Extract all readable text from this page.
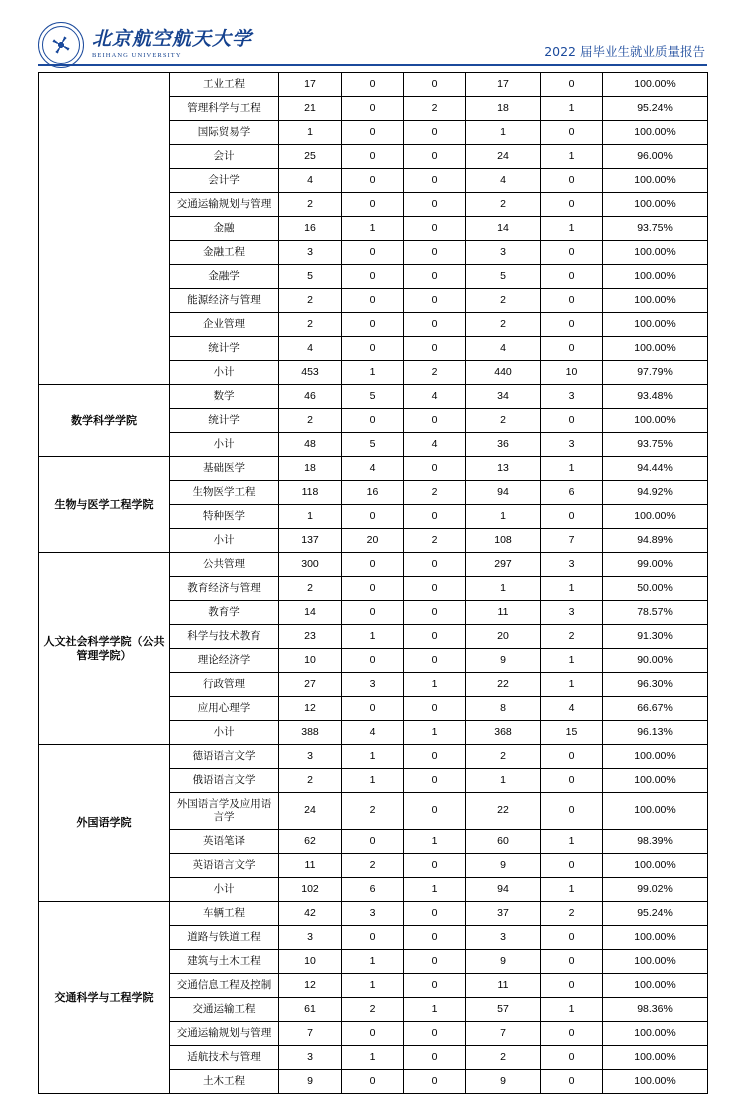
北京航空航天大学
BEIHANG UNIVERSITY	2022 届毕业生就业质量报告
	工业工程	17	0	0	17	0	100.00%
	管理科学与工程	21	0	2	18	1	95.24%
	国际贸易学	1	0	0	1	0	100.00%
	会计	25	0	0	24	1	96.00%
	会计学	4	0	0	4	0	100.00%
	交通运输规划与管理	2	0	0	2	0	100.00%
	金融	16	1	0	14	1	93.75%
	金融工程	3	0	0	3	0	100.00%
	金融学	5	0	0	5	0	100.00%
	能源经济与管理	2	0	0	2	0	100.00%
	企业管理	2	0	0	2	0	100.00%
	统计学	4	0	0	4	0	100.00%
	小计	453	1	2	440	10	97.79%
数学科学学院	数学	46	5	4	34	3	93.48%
	统计学	2	0	0	2	0	100.00%
	小计	48	5	4	36	3	93.75%
生物与医学工程学院	基础医学	18	4	0	13	1	94.44%
	生物医学工程	118	16	2	94	6	94.92%
	特种医学	1	0	0	1	0	100.00%
	小计	137	20	2	108	7	94.89%
人文社会科学学院（公共管理学院）	公共管理	300	0	0	297	3	99.00%
	教育经济与管理	2	0	0	1	1	50.00%
	教育学	14	0	0	11	3	78.57%
	科学与技术教育	23	1	0	20	2	91.30%
	理论经济学	10	0	0	9	1	90.00%
	行政管理	27	3	1	22	1	96.30%
	应用心理学	12	0	0	8	4	66.67%
	小计	388	4	1	368	15	96.13%
外国语学院	德语语言文学	3	1	0	2	0	100.00%
	俄语语言文学	2	1	0	1	0	100.00%
	外国语言学及应用语言学	24	2	0	22	0	100.00%
	英语笔译	62	0	1	60	1	98.39%
	英语语言文学	11	2	0	9	0	100.00%
	小计	102	6	1	94	1	99.02%
交通科学与工程学院	车辆工程	42	3	0	37	2	95.24%
	道路与铁道工程	3	0	0	3	0	100.00%
	建筑与土木工程	10	1	0	9	0	100.00%
	交通信息工程及控制	12	1	0	11	0	100.00%
	交通运输工程	61	2	1	57	1	98.36%
	交通运输规划与管理	7	0	0	7	0	100.00%
	适航技术与管理	3	1	0	2	0	100.00%
	土木工程	9	0	0	9	0	100.00%
